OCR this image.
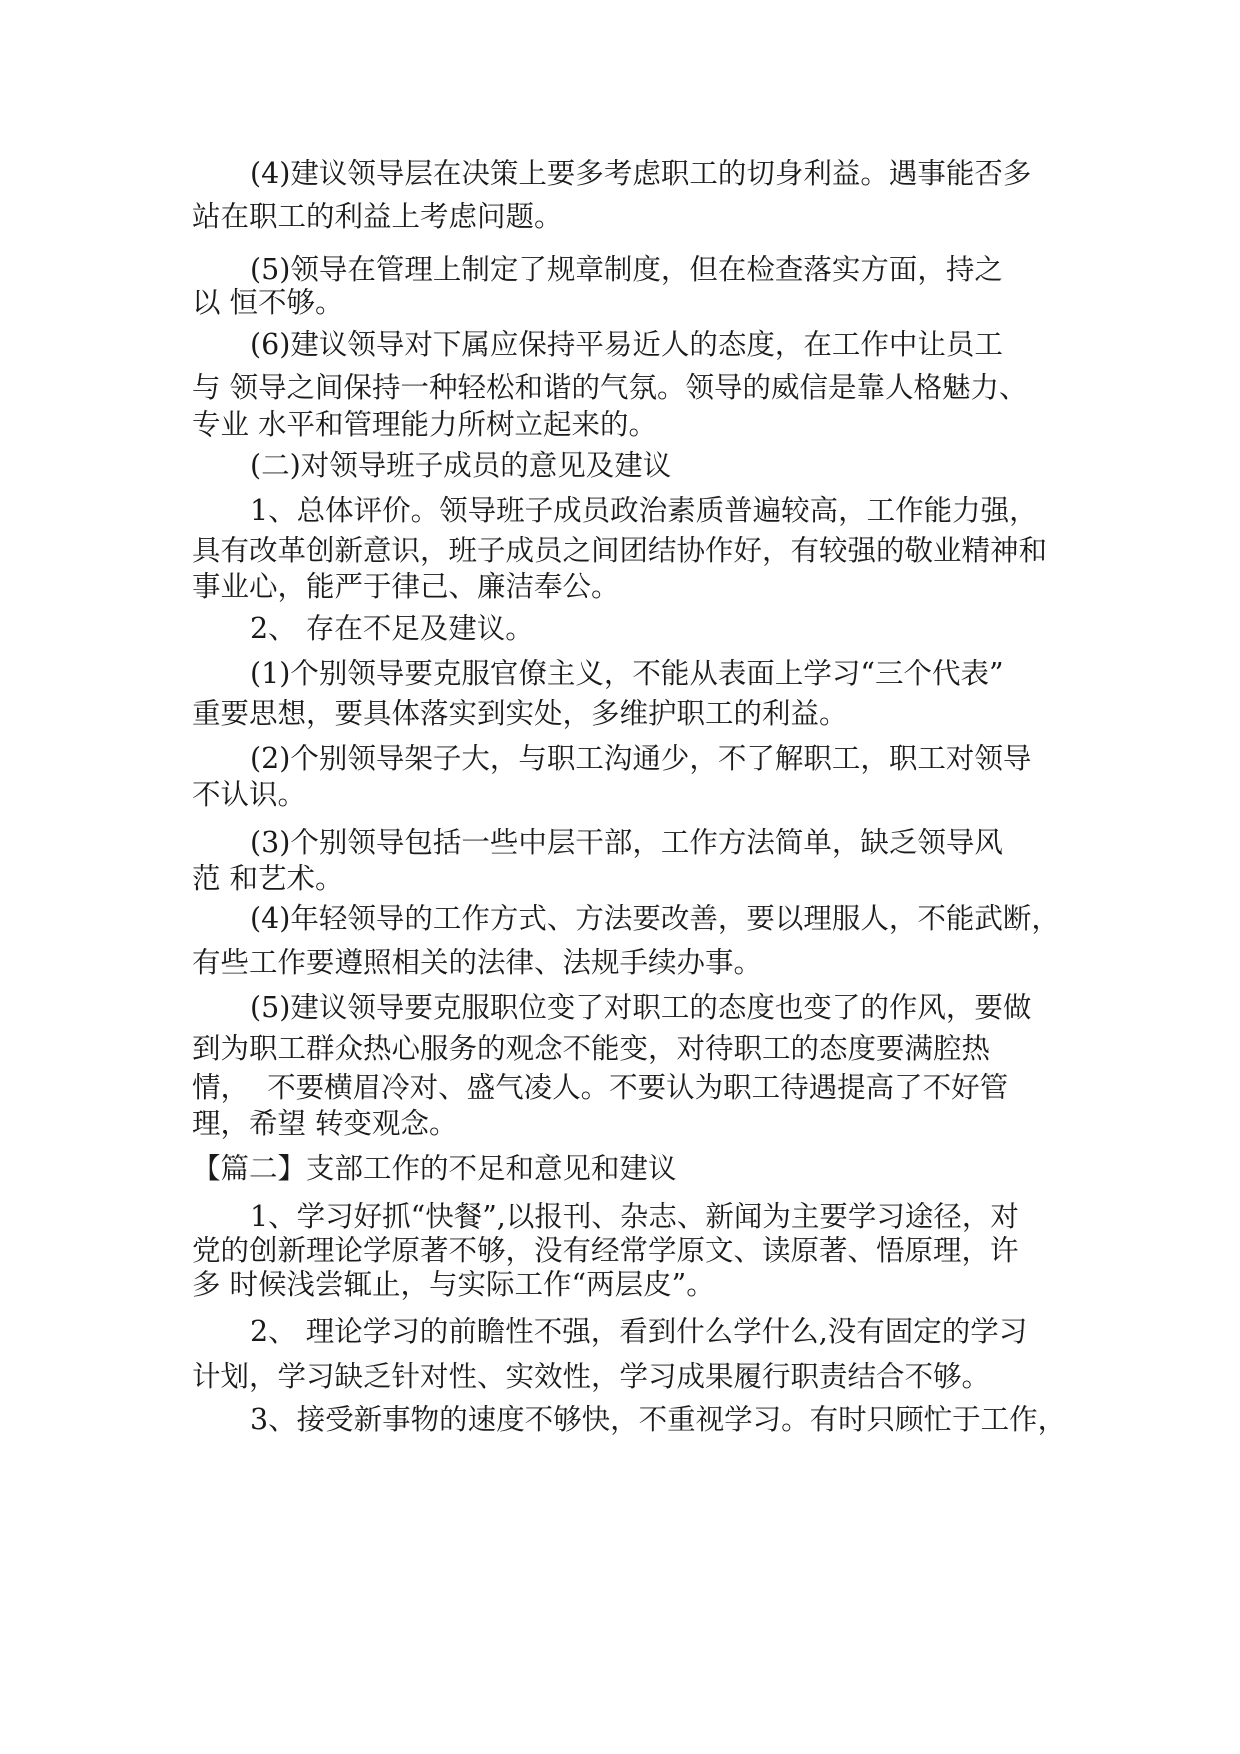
(4)建议领导层在决策上要多考虑职工的切身利益。遇事能否多
站在职工的利益上考虑问题。
(5)领导在管理上制定了规章制度，但在检查落实方面，持之
以 恒不够。
(6)建议领导对下属应保持平易近人的态度，在工作中让员工
与 领导之间保持一种轻松和谐的气氛。领导的威信是靠人格魅力、
专业 水平和管理能力所树立起来的。
(二)对领导班子成员的意见及建议
1、总体评价。领导班子成员政治素质普遍较高，工作能力强，
具有改革创新意识，班子成员之间团结协作好，有较强的敬业精神和
事业心，能严于律己、廉洁奉公。
2、 存在不足及建议。
(1)个别领导要克服官僚主义，不能从表面上学习“三个代表”
重要思想，要具体落实到实处，多维护职工的利益。
(2)个别领导架子大，与职工沟通少，不了解职工，职工对领导
不认识。
(3)个别领导包括一些中层干部，工作方法简单，缺乏领导风
范 和艺术。
(4)年轻领导的工作方式、方法要改善，要以理服人，不能武断，
有些工作要遵照相关的法律、法规手续办事。
(5)建议领导要克服职位变了对职工的态度也变了的作风，要做
到为职工群众热心服务的观念不能变，对待职工的态度要满腔热
情，  不要横眉冷对、盛气凌人。不要认为职工待遇提高了不好管
理，希望 转变观念。
【篇二】支部工作的不足和意见和建议
1、学习好抓“快餐”,以报刊、杂志、新闻为主要学习途径，对
党的创新理论学原著不够，没有经常学原文、读原著、悟原理，许
多 时候浅尝辄止，与实际工作“两层皮”。
2、 理论学习的前瞻性不强，看到什么学什么,没有固定的学习
计划，学习缺乏针对性、实效性，学习成果履行职责结合不够。
3、接受新事物的速度不够快，不重视学习。有时只顾忙于工作，
